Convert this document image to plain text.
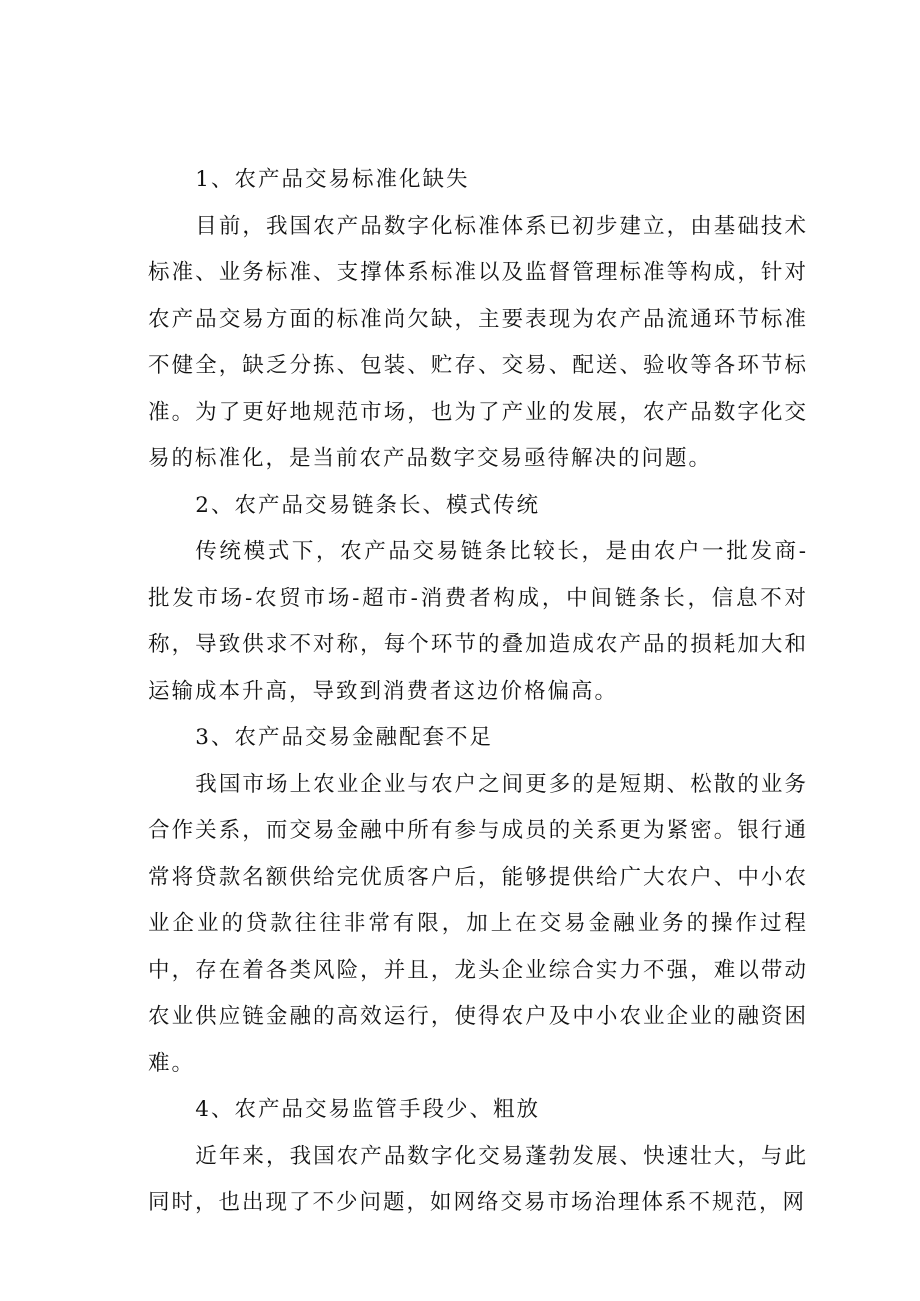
1、农产品交易标准化缺失

目前，我国农产品数字化标准体系已初步建立，由基础技术标准、业务标准、支撑体系标准以及监督管理标准等构成，针对农产品交易方面的标准尚欠缺，主要表现为农产品流通环节标准不健全，缺乏分拣、包装、贮存、交易、配送、验收等各环节标准。为了更好地规范市场，也为了产业的发展，农产品数字化交易的标准化，是当前农产品数字交易亟待解决的问题。

2、农产品交易链条长、模式传统

传统模式下，农产品交易链条比较长，是由农户一批发商-批发市场-农贸市场-超市-消费者构成，中间链条长，信息不对称，导致供求不对称，每个环节的叠加造成农产品的损耗加大和运输成本升高，导致到消费者这边价格偏高。

3、农产品交易金融配套不足

我国市场上农业企业与农户之间更多的是短期、松散的业务合作关系，而交易金融中所有参与成员的关系更为紧密。银行通常将贷款名额供给完优质客户后，能够提供给广大农户、中小农业企业的贷款往往非常有限，加上在交易金融业务的操作过程中，存在着各类风险，并且，龙头企业综合实力不强，难以带动农业供应链金融的高效运行，使得农户及中小农业企业的融资困难。

4、农产品交易监管手段少、粗放

近年来，我国农产品数字化交易蓬勃发展、快速壮大，与此同时，也出现了不少问题，如网络交易市场治理体系不规范，网
